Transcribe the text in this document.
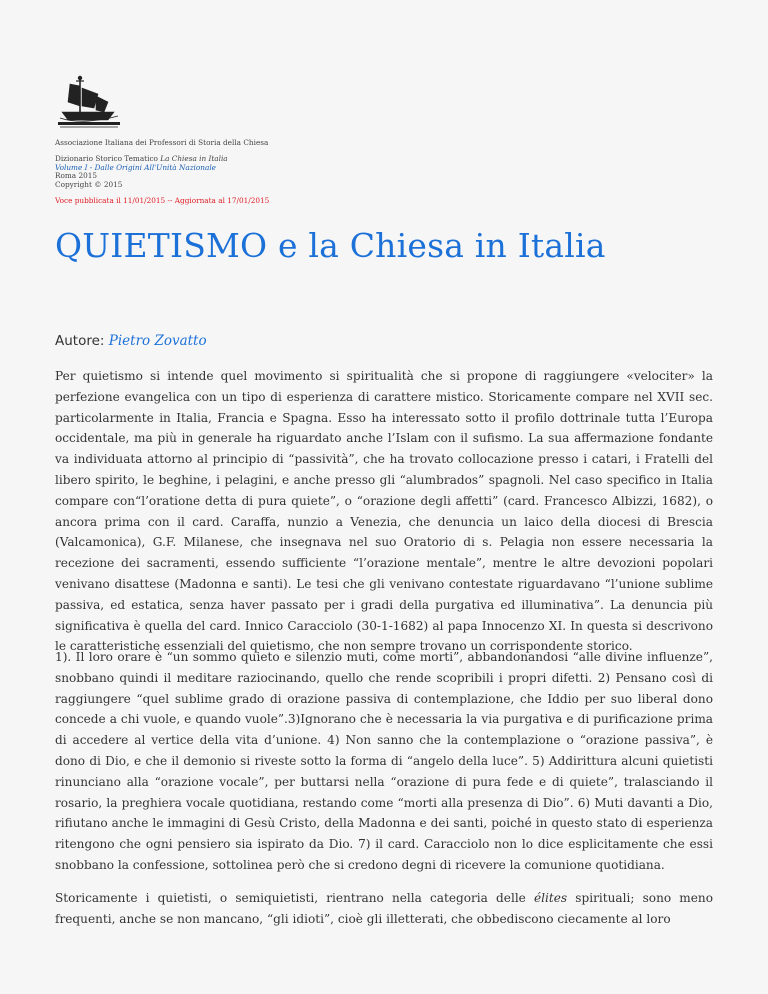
Associazione Italiana dei Professori di Storia della Chiesa
Dizionario Storico Tematico La Chiesa in Italia
Volume I - Dalle Origini All'Unità Nazionale
Roma 2015
Copyright © 2015
Voce pubblicata il 11/01/2015 -- Aggiornata al 17/01/2015
QUIETISMO e la Chiesa in Italia
Autore: Pietro Zovatto

Per quietismo si intende quel movimento si spiritualità che si propone di raggiungere «velociter» la perfezione evangelica con un tipo di esperienza di carattere mistico. Storicamente compare nel XVII sec. particolarmente in Italia, Francia e Spagna. Esso ha interessato sotto il profilo dottrinale tutta l’Europa occidentale, ma più in generale ha riguardato anche l’Islam con il sufismo. La sua affermazione fondante va individuata attorno al principio di “passività”, che ha trovato collocazione presso i catari, i Fratelli del libero spirito, le beghine, i pelagini, e anche presso gli “alumbrados” spagnoli. Nel caso specifico in Italia compare con“l’oratione detta di pura quiete”, o “orazione degli affetti” (card. Francesco Albizzi, 1682), o ancora prima con il card. Caraffa, nunzio a Venezia, che denuncia un laico della diocesi di Brescia (Valcamonica), G.F. Milanese, che insegnava nel suo Oratorio di s. Pelagia non essere necessaria la recezione dei sacramenti, essendo sufficiente “l’orazione mentale”, mentre le altre devozioni popolari venivano disattese (Madonna e santi). Le tesi che gli venivano contestate riguardavano “l’unione sublime passiva, ed estatica, senza haver passato per i gradi della purgativa ed illuminativa”. La denuncia più significativa è quella del card. Innico Caracciolo (30-1-1682) al papa Innocenzo XI. In questa si descrivono le caratteristiche essenziali del quietismo, che non sempre trovano un corrispondente storico.

1). Il loro orare è “un sommo quieto e silenzio muti, come morti”, abbandonandosi “alle divine influenze”, snobbano quindi il meditare raziocinando, quello che rende scopribili i propri difetti. 2) Pensano così di raggiungere “quel sublime grado di orazione passiva di contemplazione, che Iddio per suo liberal dono concede a chi vuole, e quando vuole”.3)Ignorano che è necessaria la via purgativa e di purificazione prima di accedere al vertice della vita d’unione. 4) Non sanno che la contemplazione o “orazione passiva”, è dono di Dio, e che il demonio si riveste sotto la forma di “angelo della luce”. 5) Addirittura alcuni quietisti rinunciano alla “orazione vocale”, per buttarsi nella “orazione di pura fede e di quiete”, tralasciando il rosario, la preghiera vocale quotidiana, restando come “morti alla presenza di Dio”. 6) Muti davanti a Dio, rifiutano anche le immagini di Gesù Cristo, della Madonna e dei santi, poiché in questo stato di esperienza ritengono che ogni pensiero sia ispirato da Dio. 7) il card. Caracciolo non lo dice esplicitamente che essi snobbano la confessione, sottolinea però che si credono degni di ricevere la comunione quotidiana.

Storicamente i quietisti, o semiquietisti, rientrano nella categoria delle élites spirituali; sono meno frequenti, anche se non mancano, “gli idioti”, cioè gli illetterati, che obbediscono ciecamente al loro
